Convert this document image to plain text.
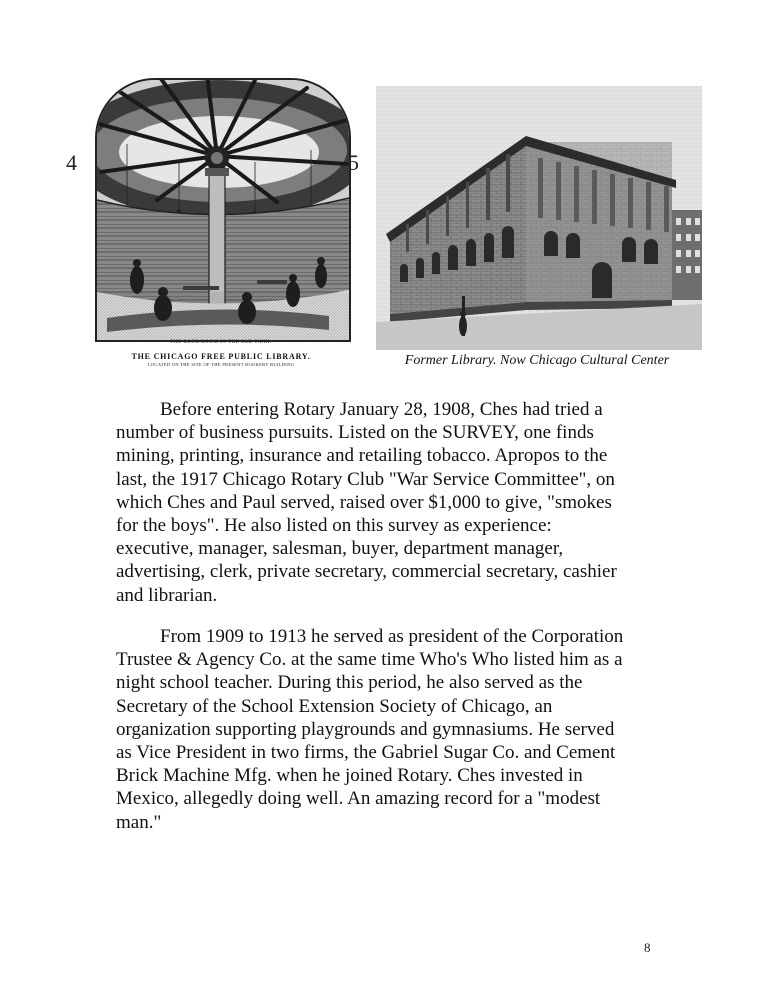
4
THE BOOK ROOM IN THE OLD TANK.
THE CHICAGO FREE PUBLIC LIBRARY.
LOCATED ON THE SITE OF THE PRESENT ROOKERY BUILDING
5
Former Library. Now Chicago Cultural Center

Before entering Rotary January 28, 1908, Ches had tried a
number of business pursuits. Listed on the SURVEY, one finds
mining, printing, insurance and retailing tobacco. Apropos to the
last, the 1917 Chicago Rotary Club "War Service Committee", on
which Ches and Paul served, raised over $1,000 to give, "smokes
for the boys". He also listed on this survey as experience:
executive, manager, salesman, buyer, department manager,
advertising, clerk, private secretary, commercial secretary, cashier
and librarian.

From 1909 to 1913 he served as president of the Corporation
Trustee & Agency Co. at the same time Who's Who listed him as a
night school teacher. During this period, he also served as the
Secretary of the School Extension Society of Chicago, an
organization supporting playgrounds and gymnasiums. He served
as Vice President in two firms, the Gabriel Sugar Co. and Cement
Brick Machine Mfg. when he joined Rotary. Ches invested in
Mexico, allegedly doing well. An amazing record for a "modest
man."

8
